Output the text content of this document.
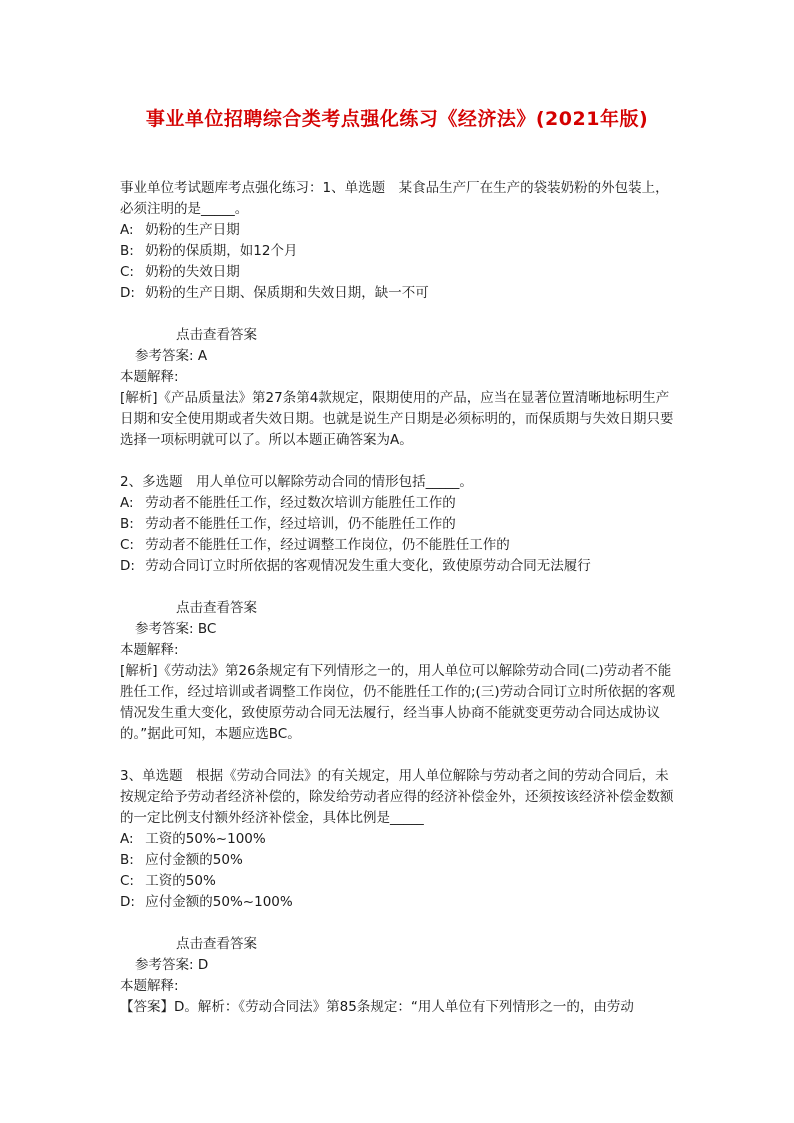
事业单位招聘综合类考点强化练习《经济法》(2021年版)

事业单位考试题库考点强化练习：1、单选题　某食品生产厂在生产的袋装奶粉的外包装上，必须注明的是_____。

A: 奶粉的生产日期

B: 奶粉的保质期，如12个月

C: 奶粉的失效日期

D: 奶粉的生产日期、保质期和失效日期，缺一不可

点击查看答案

参考答案: A

本题解释:

[解析]《产品质量法》第27条第4款规定，限期使用的产品，应当在显著位置清晰地标明生产日期和安全使用期或者失效日期。也就是说生产日期是必须标明的，而保质期与失效日期只要选择一项标明就可以了。所以本题正确答案为A。

2、多选题　用人单位可以解除劳动合同的情形包括_____。

A: 劳动者不能胜任工作，经过数次培训方能胜任工作的

B: 劳动者不能胜任工作，经过培训，仍不能胜任工作的

C: 劳动者不能胜任工作，经过调整工作岗位，仍不能胜任工作的

D: 劳动合同订立时所依据的客观情况发生重大变化，致使原劳动合同无法履行

点击查看答案

参考答案: BC

本题解释:

[解析]《劳动法》第26条规定有下列情形之一的，用人单位可以解除劳动合同(二)劳动者不能胜任工作，经过培训或者调整工作岗位，仍不能胜任工作的;(三)劳动合同订立时所依据的客观情况发生重大变化，致使原劳动合同无法履行，经当事人协商不能就变更劳动合同达成协议的。”据此可知，本题应选BC。

3、单选题　根据《劳动合同法》的有关规定，用人单位解除与劳动者之间的劳动合同后，未按规定给予劳动者经济补偿的，除发给劳动者应得的经济补偿金外，还须按该经济补偿金数额的一定比例支付额外经济补偿金，具体比例是_____

A: 工资的50%~100%

B: 应付金额的50%

C: 工资的50%

D: 应付金额的50%~100%

点击查看答案

参考答案: D

本题解释:

【答案】D。解析：《劳动合同法》第85条规定：“用人单位有下列情形之一的，由劳动
